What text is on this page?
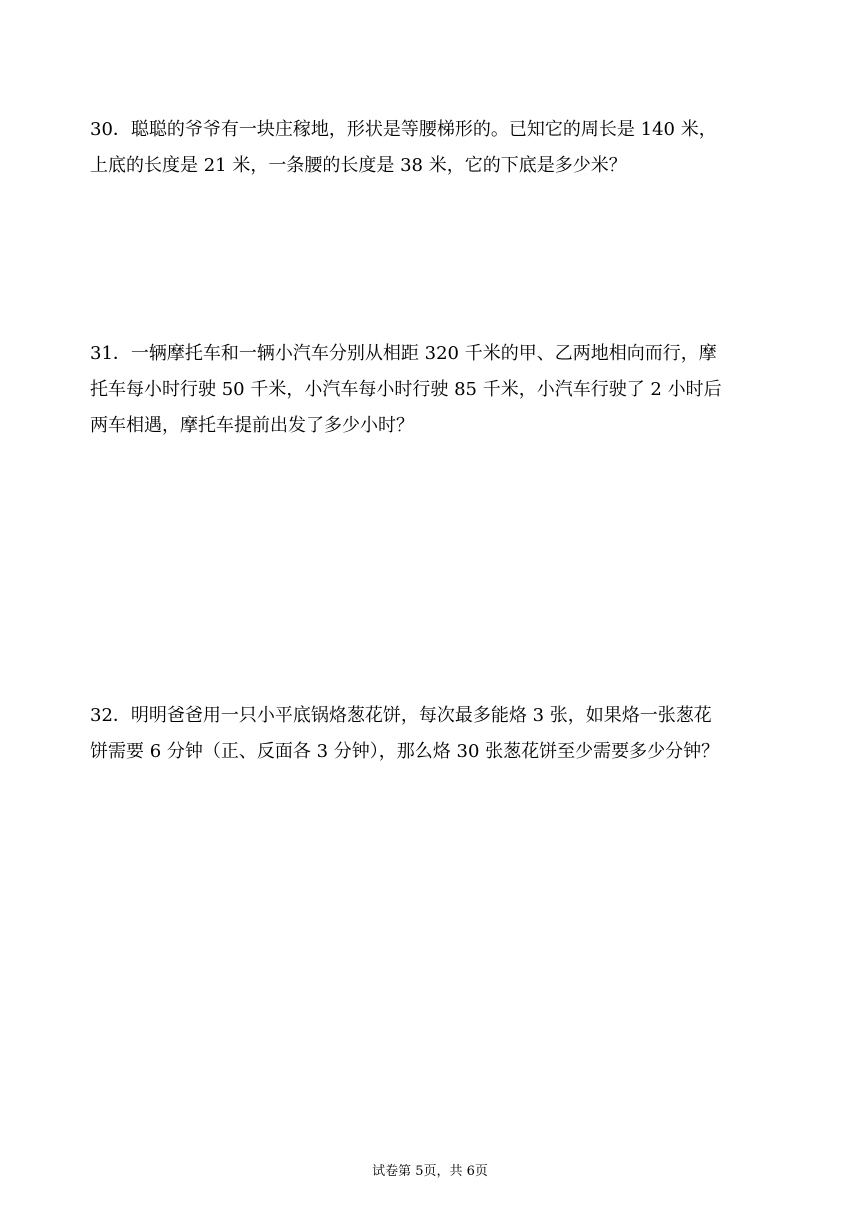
30．聪聪的爷爷有一块庄稼地，形状是等腰梯形的。已知它的周长是 140 米，
上底的长度是 21 米，一条腰的长度是 38 米，它的下底是多少米？
31．一辆摩托车和一辆小汽车分别从相距 320 千米的甲、乙两地相向而行，摩
托车每小时行驶 50 千米，小汽车每小时行驶 85 千米，小汽车行驶了 2 小时后
两车相遇，摩托车提前出发了多少小时？
32．明明爸爸用一只小平底锅烙葱花饼，每次最多能烙 3 张，如果烙一张葱花
饼需要 6 分钟（正、反面各 3 分钟），那么烙 30 张葱花饼至少需要多少分钟？
试卷第 5页，共 6页
